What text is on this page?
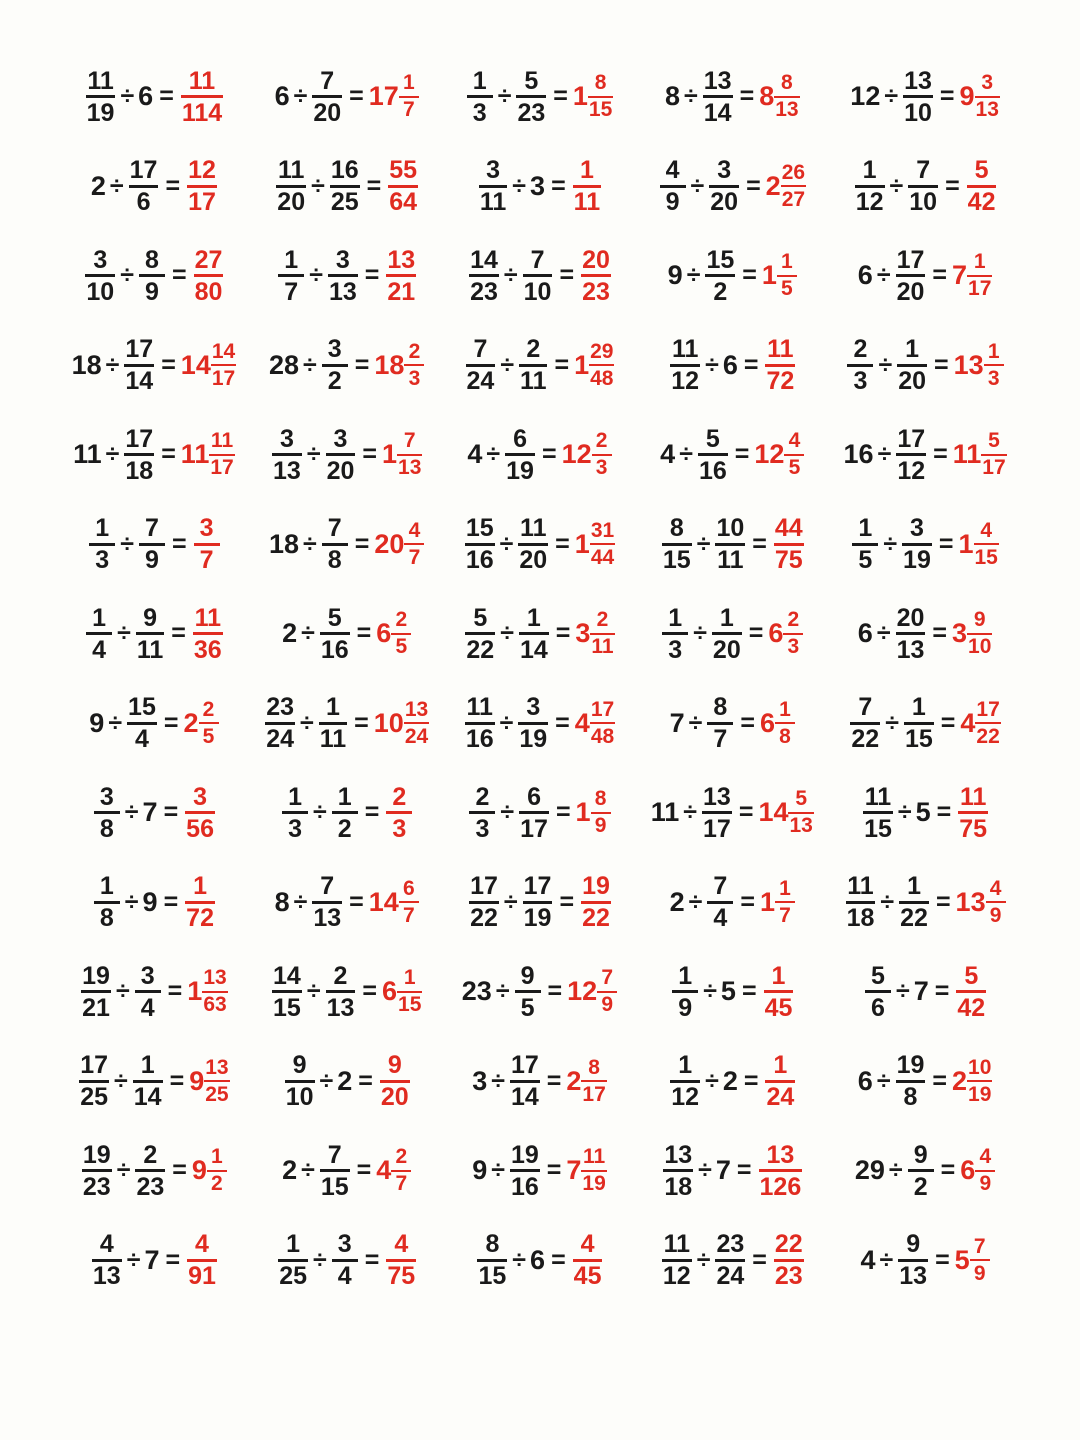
$\frac{11}{19} \div 6 = \frac{11}{114} 6 \div \frac{7}{20} = 17 \frac{1}{7} \frac{1}{3} \div \frac{5}{23} = 1 \frac{8}{15} 8 \div \frac{13}{14} = 8 \frac{8}{13} 12 \div \frac{13}{10} = 9 \frac{3}{13}$
$2 \div \frac{17}{6} = \frac{12}{17} \frac{11}{20} \div \frac{16}{25} = \frac{55}{64} \frac{3}{11} \div 3 = \frac{1}{11} \frac{4}{9} \div \frac{3}{20} = 2 \frac{26}{27} \frac{1}{12} \div \frac{7}{10} = \frac{5}{42}$
$\frac{3}{10} \div \frac{8}{9} = \frac{27}{80} \frac{1}{7} \div \frac{3}{13} = \frac{13}{21} \frac{14}{23} \div \frac{7}{10} = \frac{20}{23} 9 \div \frac{15}{2} = 1 \frac{1}{5} 6 \div \frac{17}{20} = 7 \frac{1}{17}$
$18 \div \frac{17}{14} = 14 \frac{14}{17} 28 \div \frac{3}{2} = 18 \frac{2}{3} \frac{7}{24} \div \frac{2}{11} = 1 \frac{29}{48} \frac{11}{12} \div 6 = \frac{11}{72} \frac{2}{3} \div \frac{1}{20} = 13 \frac{1}{3}$
$11 \div \frac{17}{18} = 11 \frac{11}{17} \frac{3}{13} \div \frac{3}{20} = 1 \frac{7}{13} 4 \div \frac{6}{19} = 12 \frac{2}{3} 4 \div \frac{5}{16} = 12 \frac{4}{5} 16 \div \frac{17}{12} = 11 \frac{5}{17}$
$\frac{1}{3} \div \frac{7}{9} = \frac{3}{7} 18 \div \frac{7}{8} = 20 \frac{4}{7} \frac{15}{16} \div \frac{11}{20} = 1 \frac{31}{44} \frac{8}{15} \div \frac{10}{11} = \frac{44}{75} \frac{1}{5} \div \frac{3}{19} = 1 \frac{4}{15}$
$\frac{1}{4} \div \frac{9}{11} = \frac{11}{36} 2 \div \frac{5}{16} = 6 \frac{2}{5} \frac{5}{22} \div \frac{1}{14} = 3 \frac{2}{11} \frac{1}{3} \div \frac{1}{20} = 6 \frac{2}{3} 6 \div \frac{20}{13} = 3 \frac{9}{10}$
$9 \div \frac{15}{4} = 2 \frac{2}{5} \frac{23}{24} \div \frac{1}{11} = 10 \frac{13}{24} \frac{11}{16} \div \frac{3}{19} = 4 \frac{17}{48} 7 \div \frac{8}{7} = 6 \frac{1}{8} \frac{7}{22} \div \frac{1}{15} = 4 \frac{17}{22}$
$\frac{3}{8} \div 7 = \frac{3}{56}$	$\frac{1}{3} \div \frac{1}{2} = \frac{2}{3} \frac{2}{3} \div \frac{6}{17} = 1 \frac{8}{9} 11 \div \frac{13}{17} = 14 \frac{5}{13} \frac{11}{15} \div 5 = \frac{11}{75}$
$\frac{1}{8} \div 9 = \frac{1}{72} 8 \div \frac{7}{13} = 14 \frac{6}{7} \frac{17}{22} \div \frac{17}{19} = \frac{19}{22} 2 \div \frac{7}{4} = 1 \frac{1}{7} \frac{11}{18} \div \frac{1}{22} = 13 \frac{4}{9}$
$\frac{19}{21} \div \frac{3}{4} = 1 \frac{13}{63} \frac{14}{15} \div \frac{2}{13} = 6 \frac{1}{15} 23 \div \frac{9}{5} = 12 \frac{7}{9} \frac{1}{9} \div 5 = \frac{1}{45}$	$\frac{5}{6} \div 7 = \frac{5}{42}$
$\frac{17}{25} \div \frac{1}{14} = 9 \frac{13}{25} \frac{9}{10} \div 2 = \frac{9}{20} 3 \div \frac{17}{14} = 2 \frac{8}{17} \frac{1}{12} \div 2 = \frac{1}{24} 6 \div \frac{19}{8} = 2 \frac{10}{19}$
$\frac{19}{23} \div \frac{2}{23} = 9 \frac{1}{2} 2 \div \frac{7}{15} = 4 \frac{2}{7} 9 \div \frac{19}{16} = 7 \frac{11}{19} \frac{13}{18} \div 7 = \frac{13}{126} 29 \div \frac{9}{2} = 6 \frac{4}{9}$
$\frac{4}{13} \div 7 = \frac{4}{91} \frac{1}{25} \div \frac{3}{4} = \frac{4}{75} \frac{8}{15} \div 6 = \frac{4}{45} \frac{11}{12} \div \frac{23}{24} = \frac{22}{23} 4 \div \frac{9}{13} = 5 \frac{7}{9}$
